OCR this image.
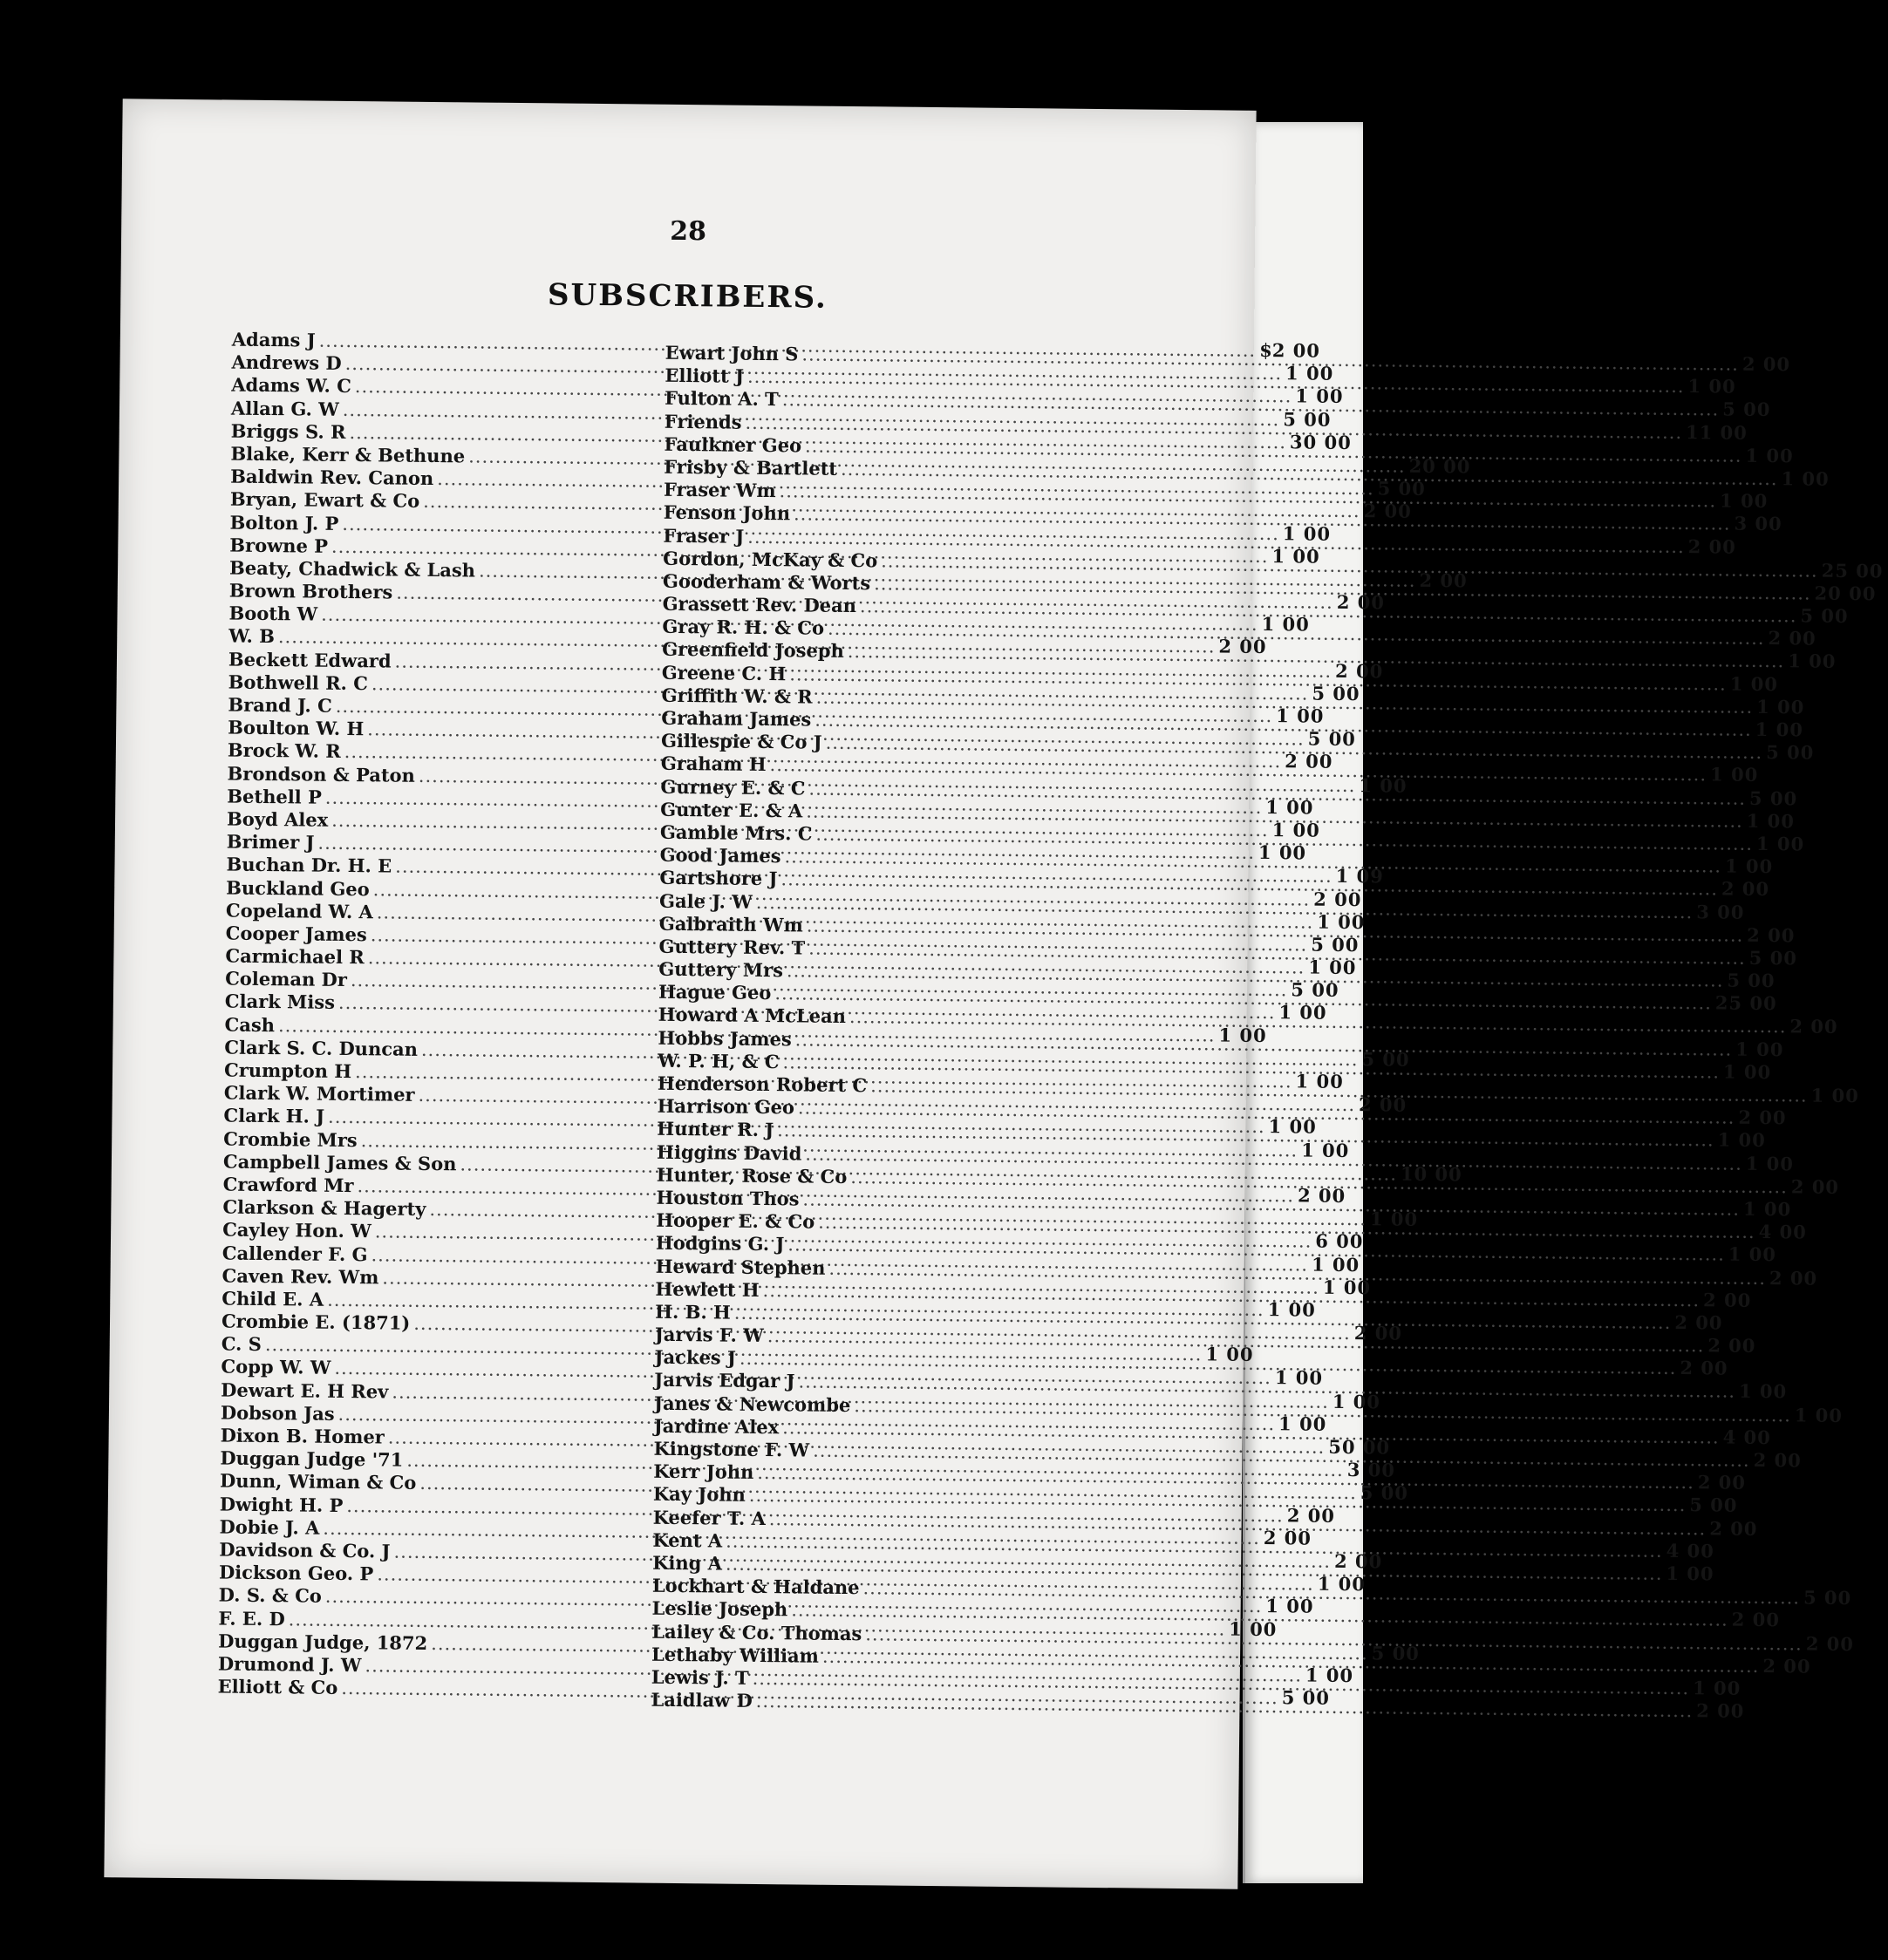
28
SUBSCRIBERS.
Adams J .....	$ 2 00
Andrews D .....	1 00
Adams W. C .....	1 00
Allan G. W .....	5 00
Briggs S. R .....	30 00
Blake, Kerr & Bethune .....	20 00
Baldwin Rev. Canon .....	5 00
Bryan, Ewart & Co .....	2 00
Bolton J. P .....	1 00
Browne P .....	1 00
Beaty, Chadwick & Lash .....	2 00
Brown Brothers .....	2 00
Booth W .....	1 00
W. B .....	2 00
Beckett Edward .....	2 00
Bothwell R. C .....	5 00
Brand J. C .....	1 00
Boulton W. H .....	5 00
Brock W. R .....	2 00
Brondson & Paton .....	1 00
Bethell P .....	1 00
Boyd Alex .....	1 00
Brimer J .....	1 00
Buchan Dr. H. E .....	1 09
Buckland Geo .....	2 00
Copeland W. A .....	1 00
Cooper James .....	5 00
Carmichael R .....	1 00
Coleman Dr .....	5 00
Clark Miss .....	1 00
Cash .....	1 00
Clark S. C. Duncan .....	5 00
Crumpton H .....	1 00
Clark W. Mortimer .....	2 00
Clark H. J .....	1 00
Crombie Mrs .....	1 00
Campbell James & Son .....	10 00
Crawford Mr .....	2 00
Clarkson & Hagerty .....	1 00
Cayley Hon. W .....	6 00
Callender F. G .....	1 00
Caven Rev. Wm .....	1 00
Child E. A .....	1 00
Crombie E. (1871) .....	2 00
C. S .....	1 00
Copp W. W .....	1 00
Dewart E. H Rev .....	1 00
Dobson Jas .....	1 00
Dixon B. Homer .....	50 00
Duggan Judge '71 .....	3 00
Dunn, Wiman & Co .....	5 00
Dwight H. P .....	2 00
Dobie J. A .....	2 00
Davidson & Co. J .....	2 00
Dickson Geo. P .....	1 00
D. S. & Co .....	1 00
F. E. D .....	1 00
Duggan Judge, 1872 .....	5 00
Drumond J. W .....	1 00
Elliott & Co .....	5 00
Ewart John S .....	2 00
Elliott J .....	1 00
Fulton A. T .....	5 00
Friends .....	11 00
Faulkner Geo .....	1 00
Frisby & Bartlett .....	1 00
Fraser Wm .....	1 00
Fenson John .....	3 00
Fraser J .....	2 00
Gordon, McKay & Co .....	25 00
Gooderham & Worts .....	20 00
Grassett Rev. Dean .....	5 00
Gray R. H. & Co .....	2 00
Greenfield Joseph .....	1 00
Greene C. H .....	1 00
Griffith W. & R .....	1 00
Graham James .....	1 00
Gillespie & Co J .....	5 00
Graham H .....	1 00
Gurney E. & C .....	5 00
Gunter E. & A .....	1 00
Gamble Mrs. C .....	1 00
Good James .....	1 00
Gartshore J .....	2 00
Gale J. W .....	3 00
Galbraith Wm .....	2 00
Guttery Rev. T .....	5 00
Guttery Mrs .....	5 00
Hague Geo .....	25 00
Howard A McLean .....	2 00
Hobbs James .....	1 00
W. P. H, & C .....	1 00
Henderson Robert C .....	1 00
Harrison Geo .....	2 00
Hunter R. J .....	1 00
Higgins David .....	1 00
Hunter, Rose & Co .....	2 00
Houston Thos .....	1 00
Hooper E. & Co .....	4 00
Hodgins G. J .....	1 00
Heward Stephen .....	2 00
Hewlett H .....	2 00
H. B. H .....	2 00
Jarvis F. W .....	2 00
Jackes J .....	2 00
Jarvis Edgar J .....	1 00
Janes & Newcombe .....	1 00
Jardine Alex .....	4 00
Kingstone F. W .....	2 00
Kerr John .....	2 00
Kay John .....	5 00
Keefer T. A .....	2 00
Kent A .....	4 00
King A .....	1 00
Lockhart & Haldane .....	5 00
Leslie Joseph .....	2 00
Lailey & Co. Thomas .....	2 00
Lethaby William .....	2 00
Lewis J. T .....	1 00
Laidlaw D .....	2 00
